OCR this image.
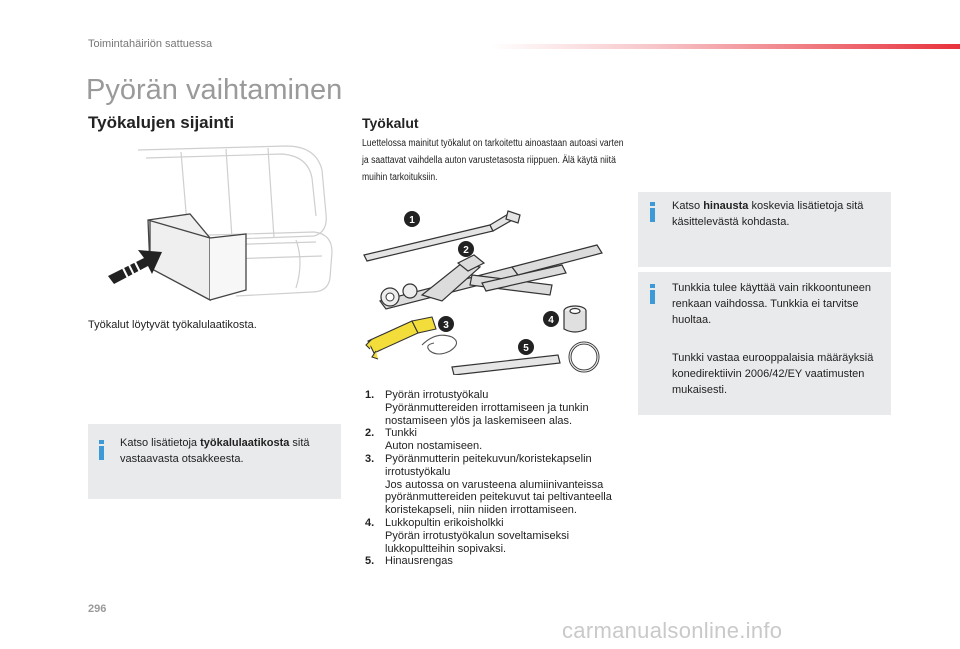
Toimintahäiriön sattuessa
Pyörän vaihtaminen
Työkalujen sijainti
Työkalut löytyvät työkalulaatikosta.
Katso lisätietoja työkalulaatikosta sitä vastaavasta otsakkeesta.
Työkalut
Luettelossa mainitut työkalut on tarkoitettu ainoastaan autoasi varten ja saattavat vaihdella auton varustetasosta riippuen. Älä käytä niitä muihin tarkoituksiin.
1
2
3	4
5
1. Pyörän irrotustyökalu
Pyöränmuttereiden irrottamiseen ja tunkin nostamiseen ylös ja laskemiseen alas.
2. Tunkki
Auton nostamiseen.
3. Pyöränmutterin peitekuvun/koristekapselin irrotustyökalu
Jos autossa on varusteena alumiinivanteissa pyöränmuttereiden peitekuvut tai peltivanteella koristekapseli, niin niiden irrottamiseen.
4. Lukkopultin erikoisholkki
Pyörän irrotustyökalun soveltamiseksi lukkopultteihin sopivaksi.
5. Hinausrengas
Katso hinausta koskevia lisätietoja sitä käsittelevästä kohdasta.
Tunkkia tulee käyttää vain rikkoontuneen renkaan vaihdossa. Tunkkia ei tarvitse huoltaa.
Tunkki vastaa eurooppalaisia määräyksiä konedirektiivin 2006/42/EY vaatimusten mukaisesti.
296
carmanualsonline.info
